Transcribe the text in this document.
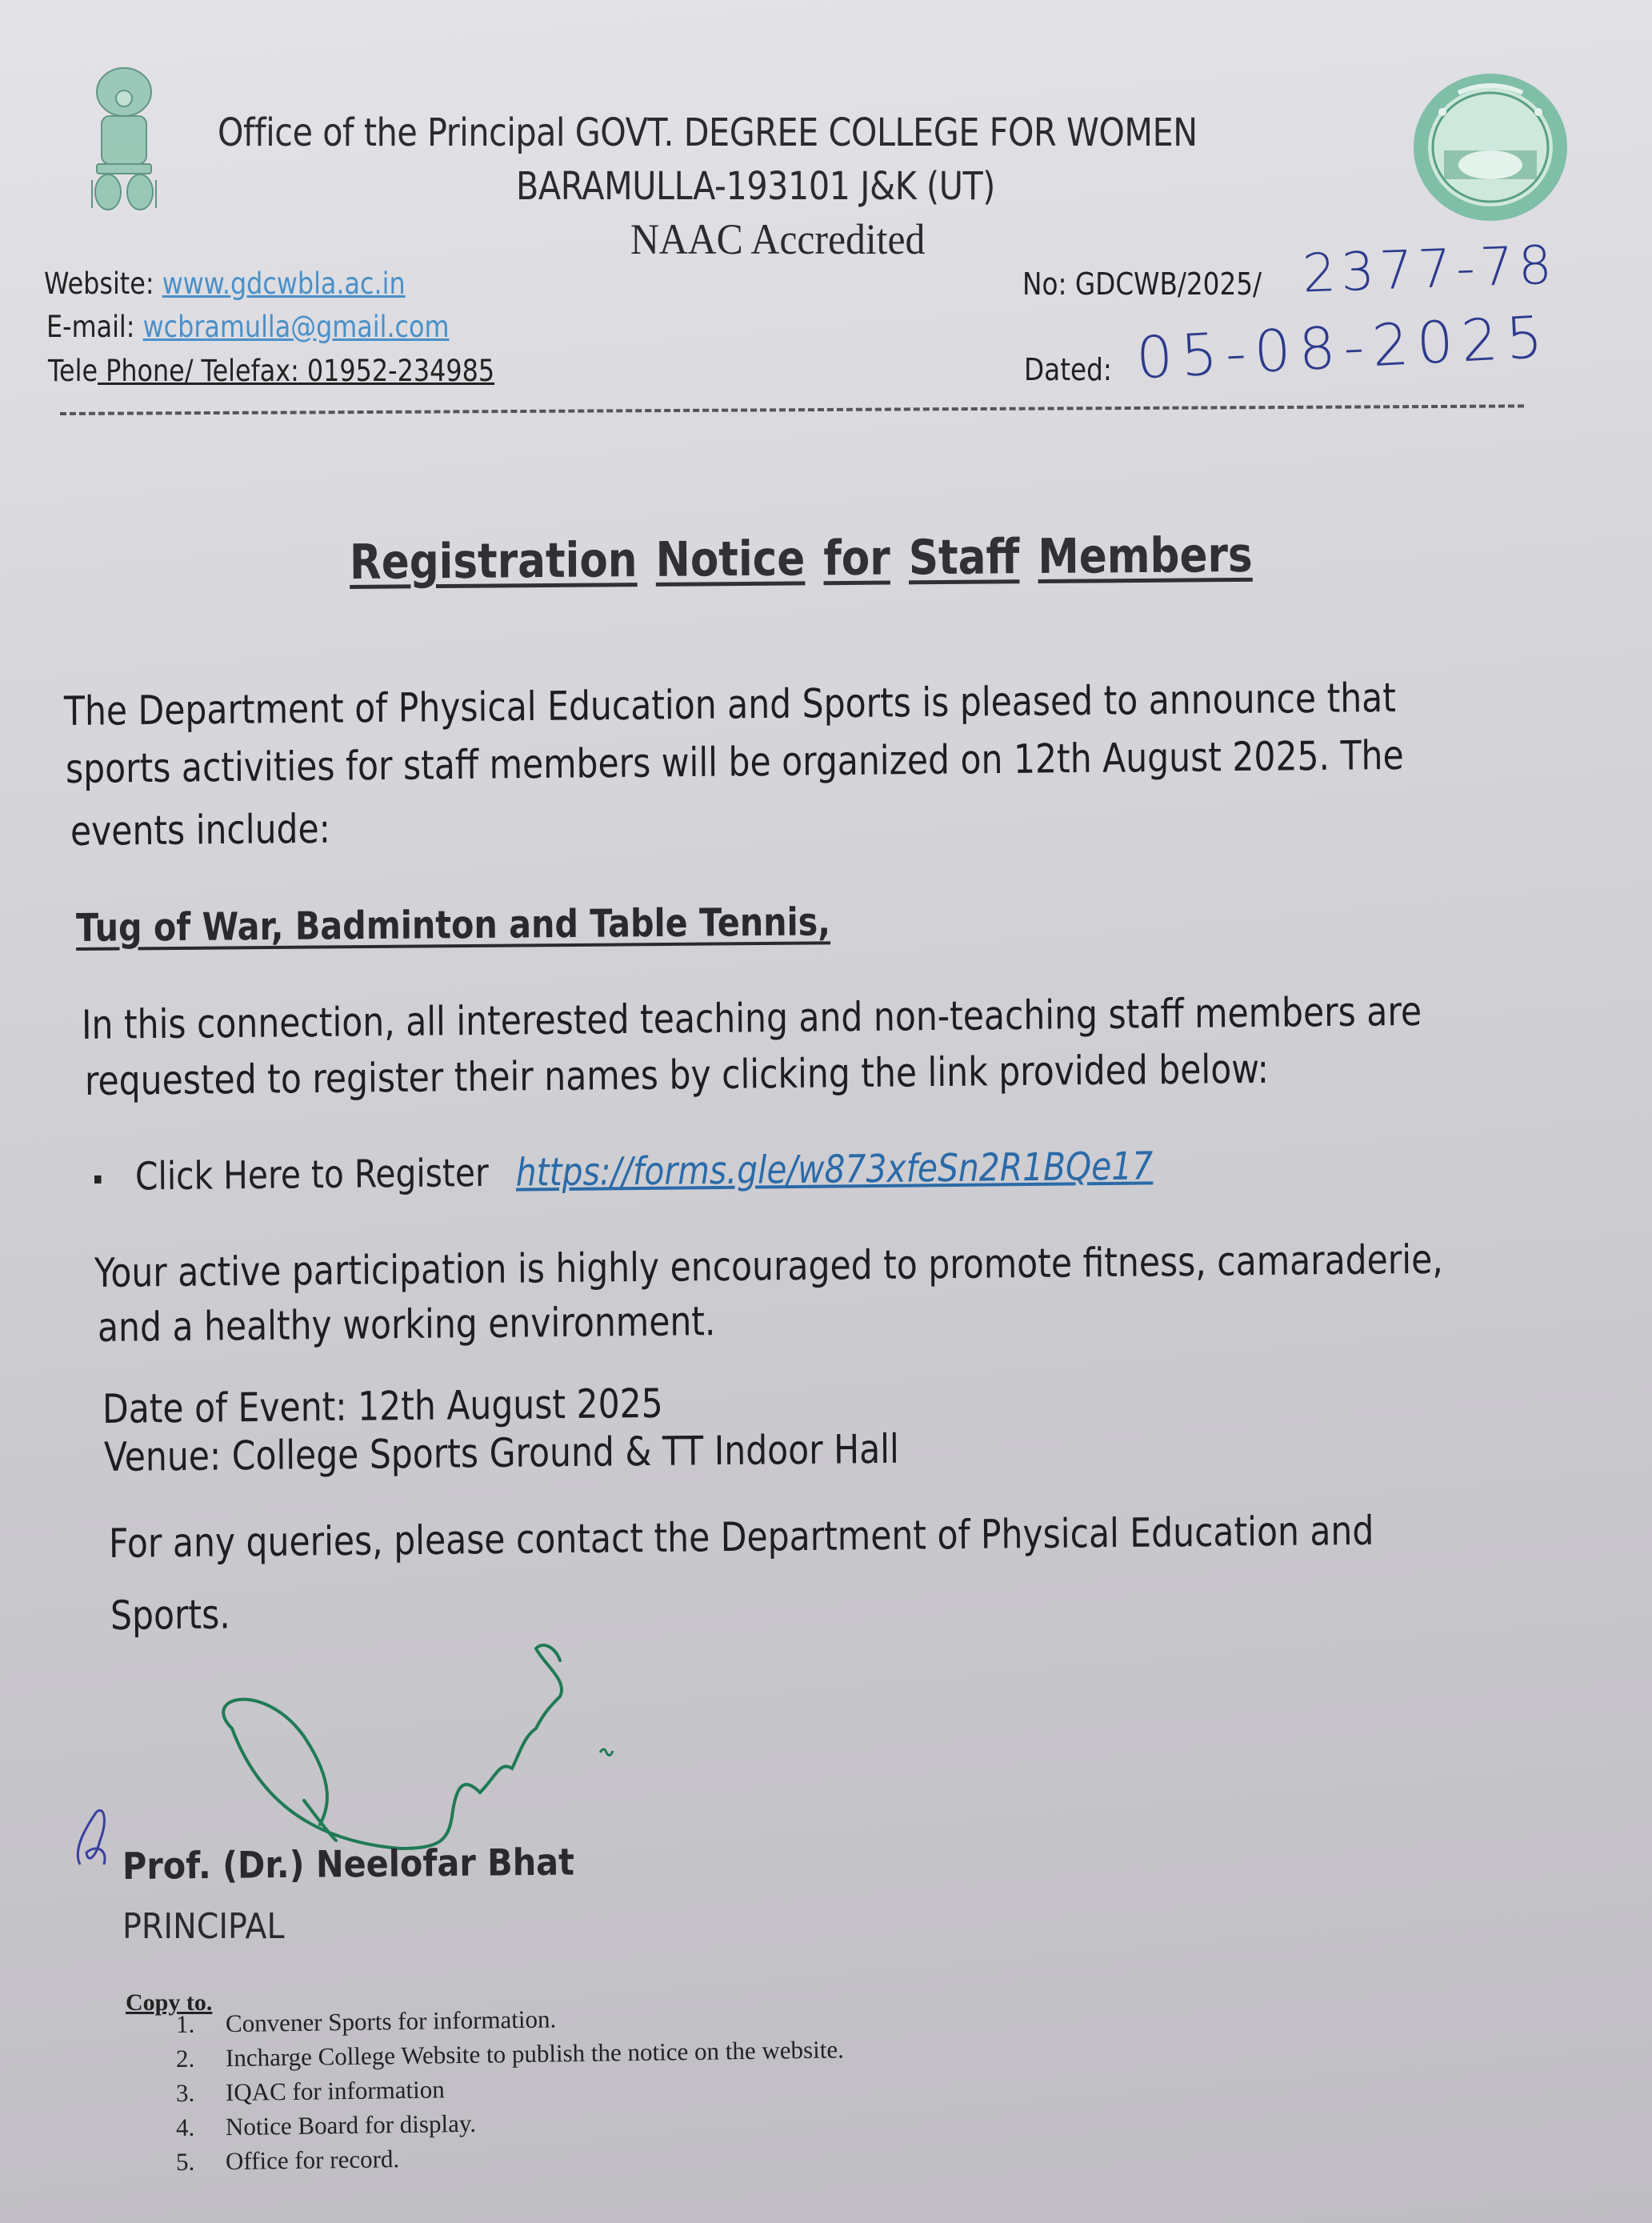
Office of the Principal GOVT. DEGREE COLLEGE FOR WOMEN
BARAMULLA-193101 J&K (UT)
NAAC Accredited
Website: www.gdcwbla.ac.in
E-mail: wcbramulla@gmail.com
Tele Phone/ Telefax: 01952-234985
No: GDCWB/2025/ 2377-78
Dated: 05-08-2025
Registration Notice for Staff Members
The Department of Physical Education and Sports is pleased to announce that
sports activities for staff members will be organized on 12th August 2025. The
events include:
Tug of War, Badminton and Table Tennis,
In this connection, all interested teaching and non-teaching staff members are
requested to register their names by clicking the link provided below:
Click Here to Register https://forms.gle/w873xfeSn2R1BQe17
Your active participation is highly encouraged to promote fitness, camaraderie,
and a healthy working environment.
Date of Event: 12th August 2025
Venue: College Sports Ground & TT Indoor Hall
For any queries, please contact the Department of Physical Education and
Sports.
Prof. (Dr.) Neelofar Bhat
PRINCIPAL
Copy to.
1. Convener Sports for information.
2. Incharge College Website to publish the notice on the website.
3. IQAC for information
4. Notice Board for display.
5. Office for record.
